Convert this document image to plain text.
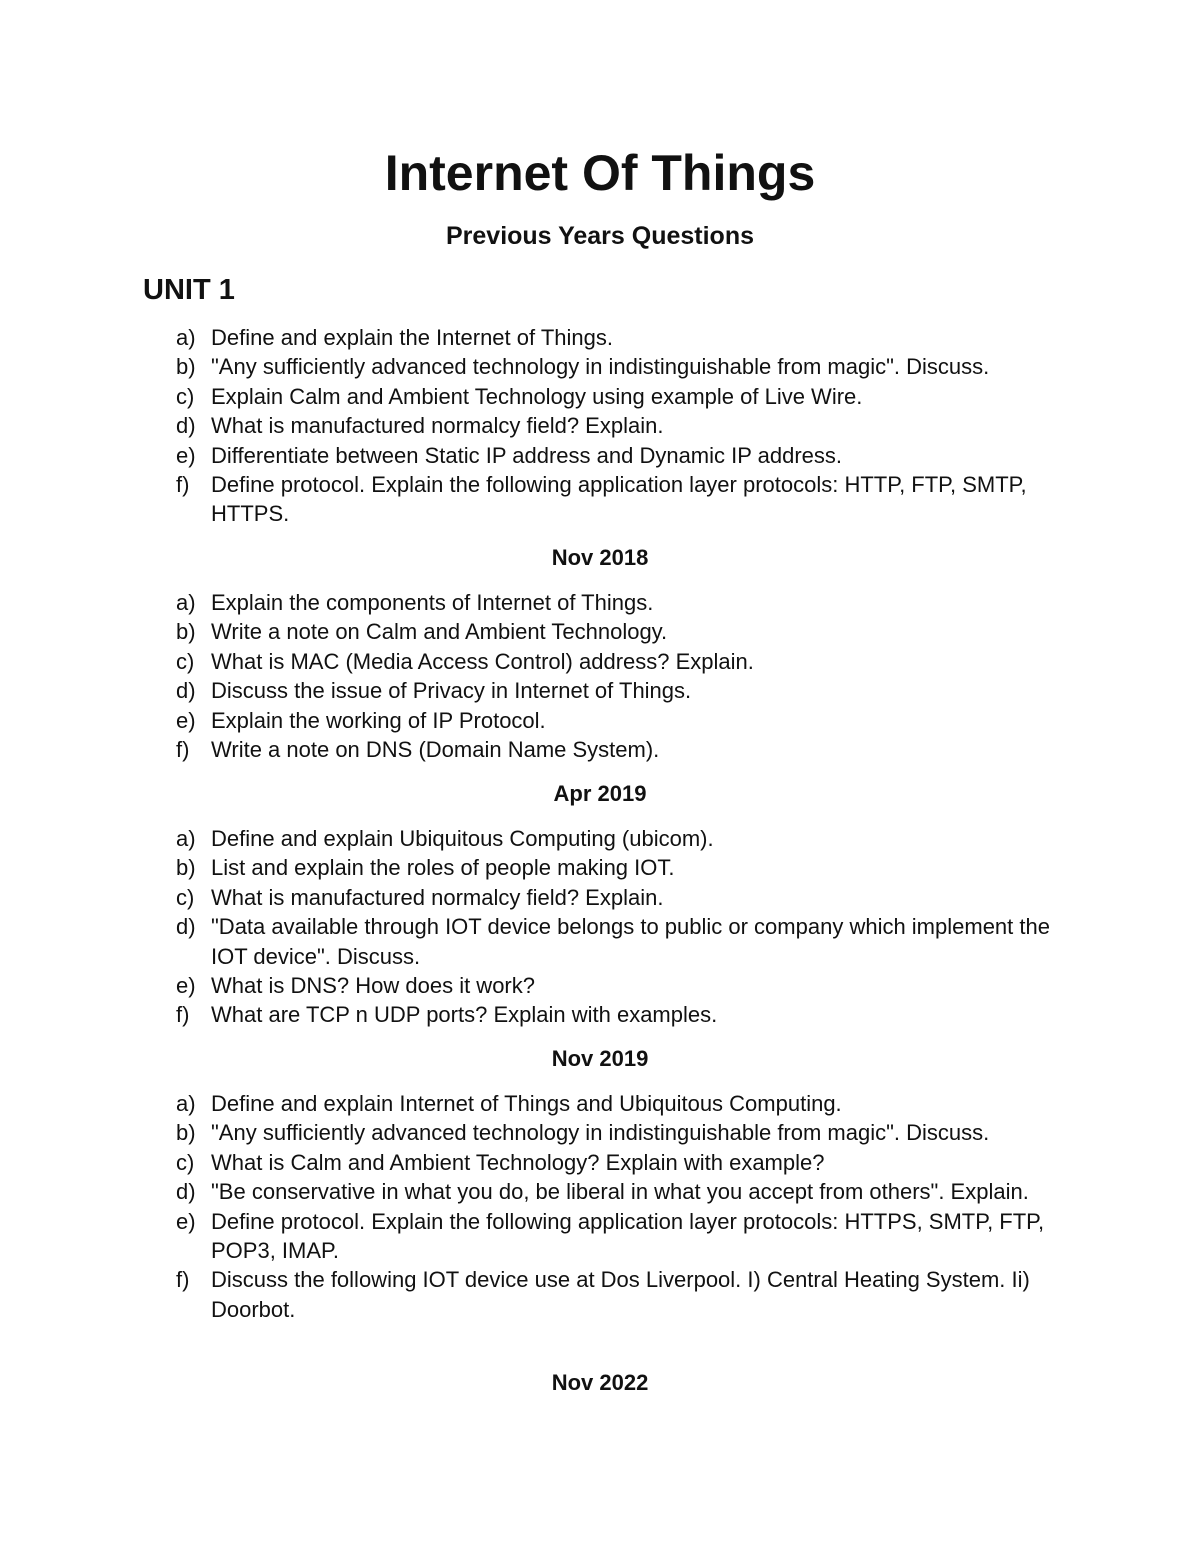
Internet Of Things
Previous Years Questions
UNIT 1
a) Define and explain the Internet of Things.
b) "Any sufficiently advanced technology in indistinguishable from magic". Discuss.
c) Explain Calm and Ambient Technology using example of Live Wire.
d) What is manufactured normalcy field? Explain.
e) Differentiate between Static IP address and Dynamic IP address.
f) Define protocol. Explain the following application layer protocols: HTTP, FTP, SMTP, HTTPS.
Nov 2018
a) Explain the components of Internet of Things.
b) Write a note on Calm and Ambient Technology.
c) What is MAC (Media Access Control) address? Explain.
d) Discuss the issue of Privacy in Internet of Things.
e) Explain the working of IP Protocol.
f) Write a note on DNS (Domain Name System).
Apr 2019
a) Define and explain Ubiquitous Computing (ubicom).
b) List and explain the roles of people making IOT.
c) What is manufactured normalcy field? Explain.
d) "Data available through IOT device belongs to public or company which implement the IOT device". Discuss.
e) What is DNS? How does it work?
f) What are TCP n UDP ports? Explain with examples.
Nov 2019
a) Define and explain Internet of Things and Ubiquitous Computing.
b) "Any sufficiently advanced technology in indistinguishable from magic". Discuss.
c) What is Calm and Ambient Technology? Explain with example?
d) "Be conservative in what you do, be liberal in what you accept from others". Explain.
e) Define protocol. Explain the following application layer protocols: HTTPS, SMTP, FTP, POP3, IMAP.
f) Discuss the following IOT device use at Dos Liverpool. I) Central Heating System. Ii) Doorbot.
Nov 2022
